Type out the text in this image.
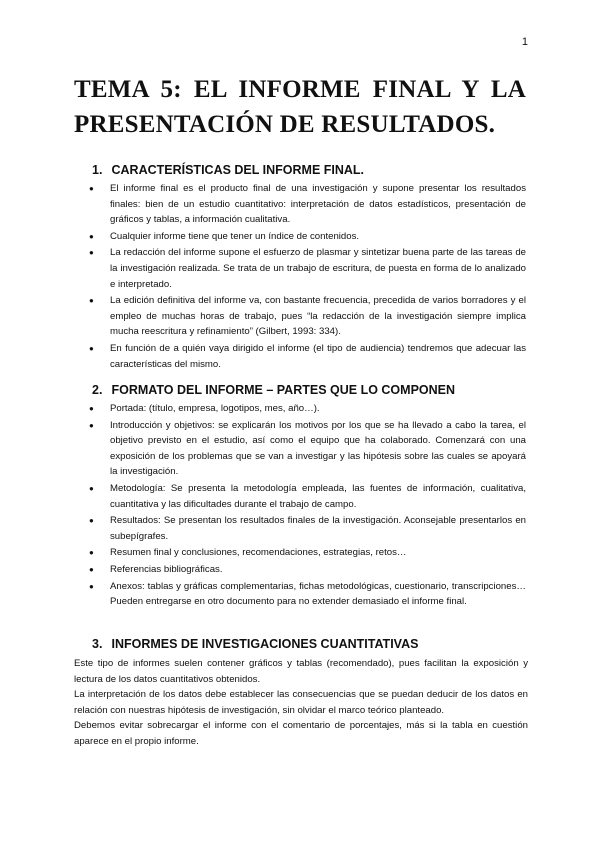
1
TEMA 5: EL INFORME FINAL Y LA
PRESENTACIÓN DE RESULTADOS.
1. CARACTERÍSTICAS DEL INFORME FINAL.
● El informe final es el producto final de una investigación y supone presentar los resultados finales: bien de un estudio cuantitativo: interpretación de datos estadísticos, presentación de gráficos y tablas, a información cualitativa.
● Cualquier informe tiene que tener un índice de contenidos.
● La redacción del informe supone el esfuerzo de plasmar y sintetizar buena parte de las tareas de la investigación realizada. Se trata de un trabajo de escritura, de puesta en forma de lo analizado e interpretado.
● La edición definitiva del informe va, con bastante frecuencia, precedida de varios borradores y el empleo de muchas horas de trabajo, pues “la redacción de la investigación siempre implica mucha reescritura y refinamiento” (Gilbert, 1993: 334).
● En función de a quién vaya dirigido el informe (el tipo de audiencia) tendremos que adecuar las características del mismo.
2. FORMATO DEL INFORME – PARTES QUE LO COMPONEN
● Portada: (título, empresa, logotipos, mes, año…).
● Introducción y objetivos: se explicarán los motivos por los que se ha llevado a cabo la tarea, el objetivo previsto en el estudio, así como el equipo que ha colaborado. Comenzará con una exposición de los problemas que se van a investigar y las hipótesis sobre las cuales se apoyará la investigación.
● Metodología: Se presenta la metodología empleada, las fuentes de información, cualitativa, cuantitativa y las dificultades durante el trabajo de campo.
● Resultados: Se presentan los resultados finales de la investigación. Aconsejable presentarlos en subepígrafes.
● Resumen final y conclusiones, recomendaciones, estrategias, retos…
● Referencias bibliográficas.
● Anexos: tablas y gráficas complementarias, fichas metodológicas, cuestionario, transcripciones… Pueden entregarse en otro documento para no extender demasiado el informe final.
3. INFORMES DE INVESTIGACIONES CUANTITATIVAS

Este tipo de informes suelen contener gráficos y tablas (recomendado), pues facilitan la exposición y lectura de los datos cuantitativos obtenidos.

La interpretación de los datos debe establecer las consecuencias que se puedan deducir de los datos en relación con nuestras hipótesis de investigación, sin olvidar el marco teórico planteado.

Debemos evitar sobrecargar el informe con el comentario de porcentajes, más si la tabla en cuestión aparece en el propio informe.
